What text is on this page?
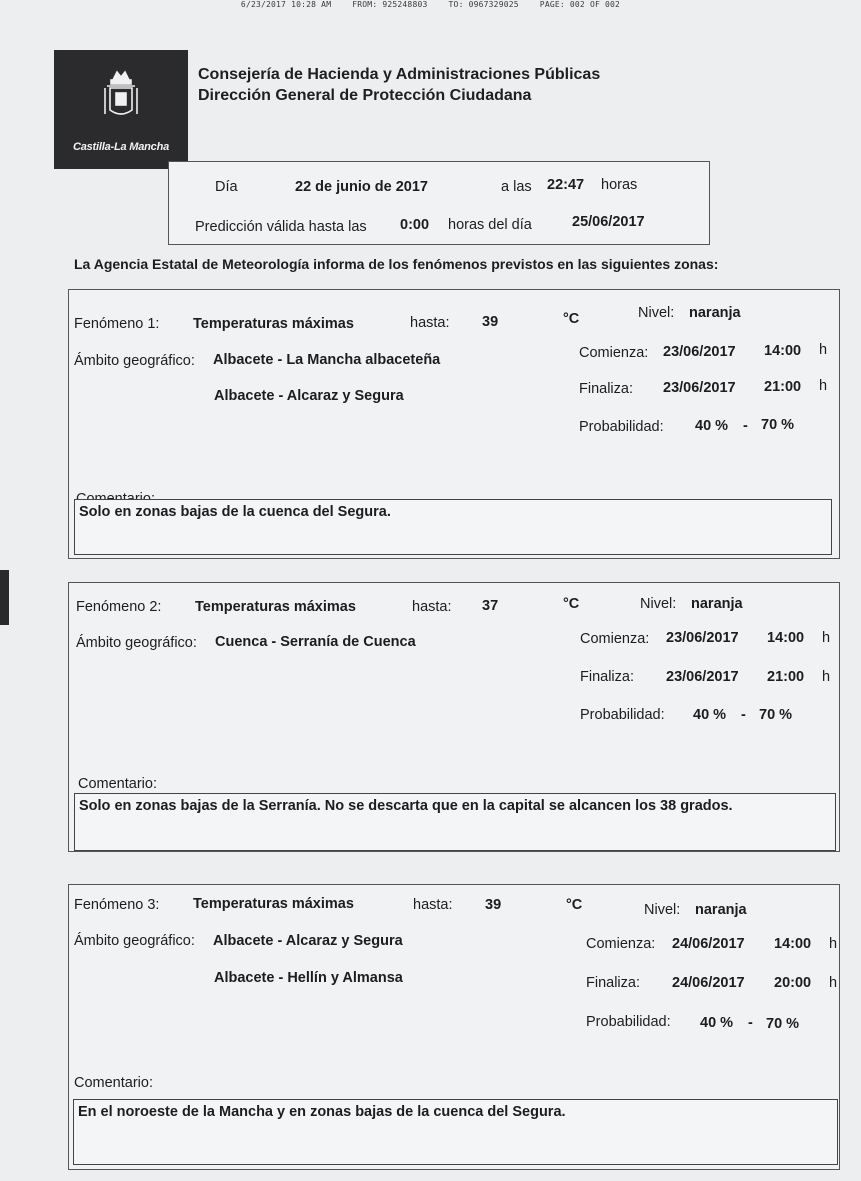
6/23/2017 10:28 AM	FROM: 925248803	TO: 0967329025	PAGE: 002 OF 002
Castilla-La Mancha
Consejería de Hacienda y Administraciones Públicas
Dirección General de Protección Ciudadana
Día	22 de junio de 2017	a las 22:47 horas
Predicción válida hasta las 0:00 horas del día	25/06/2017
La Agencia Estatal de Meteorología informa de los fenómenos previstos en las siguientes zonas:
Fenómeno 1: Temperaturas máximas	hasta: 39	°C	Nivel: naranja
Ámbito geográfico: Albacete - La Mancha albaceteña
Albacete - Alcaraz y Segura
Comienza: 23/06/2017 14:00 h
Finaliza: 23/06/2017 21:00 h
Probabilidad: 40 % - 70 %
Solo en zonas bajas de la cuenca del Segura.
Fenómeno 2: Temperaturas máximas	hasta: 37	°C	Nivel: naranja
Ámbito geográfico: Cuenca - Serranía de Cuenca	Comienza: 23/06/2017 14:00 h
Finaliza: 23/06/2017 21:00 h
Probabilidad: 40 % - 70 %
Comentario:
Solo en zonas bajas de la Serranía. No se descarta que en la capital se alcancen los 38 grados.
Fenómeno 3: Temperaturas máximas	hasta: 39	°C	Nivel: naranja
Ámbito geográfico: Albacete - Alcaraz y Segura
Albacete - Hellín y Almansa
Comienza: 24/06/2017 14:00 h
Finaliza: 24/06/2017 20:00 h
Probabilidad: 40 % - 70 %
Comentario:
En el noroeste de la Mancha y en zonas bajas de la cuenca del Segura.
